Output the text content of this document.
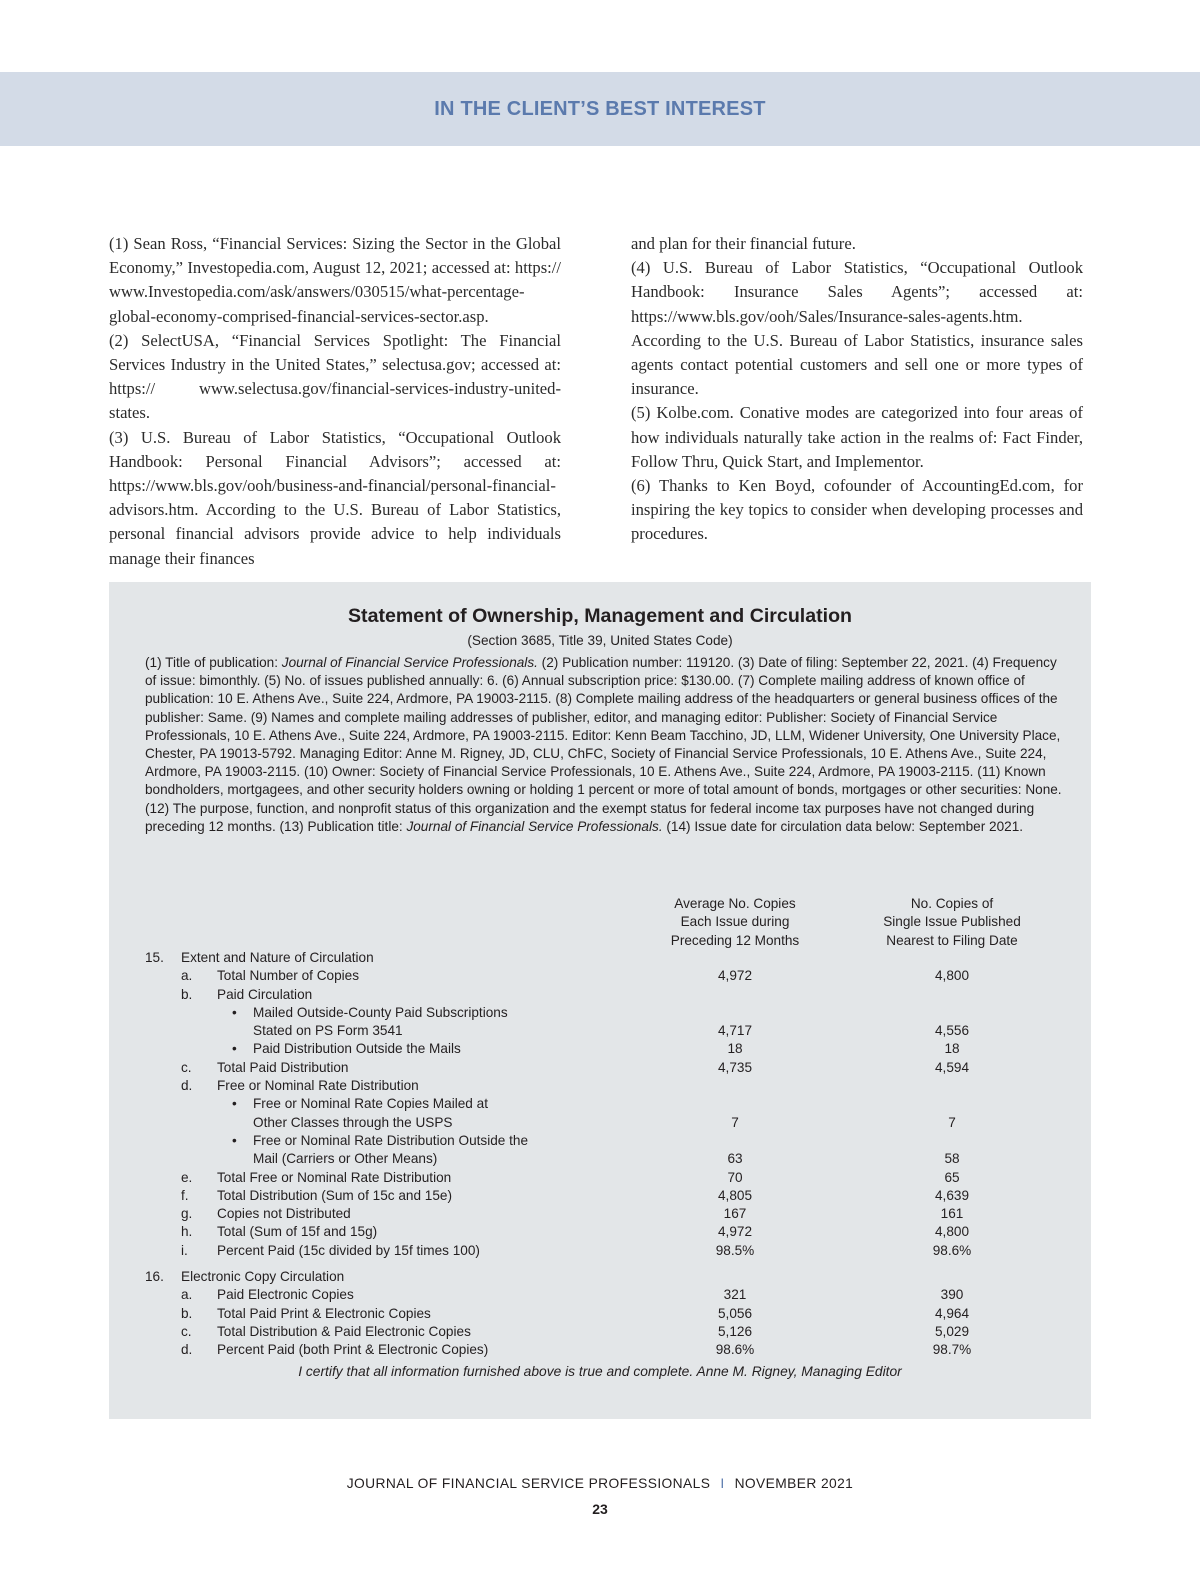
IN THE CLIENT’S BEST INTEREST

(1) Sean Ross, “Financial Services: Sizing the Sector in the Global Economy,” Investopedia.com, August 12, 2021; accessed at: https:// www.Investopedia.com/ask/answers/030515/what-percentage-global-economy-comprised-financial-services-sector.asp.

(2) SelectUSA, “Financial Services Spotlight: The Financial Services Industry in the United States,” selectusa.gov; accessed at: https:// www.selectusa.gov/financial-services-industry-united-states.

(3) U.S. Bureau of Labor Statistics, “Occupational Outlook Handbook: Personal Financial Advisors”; accessed at: https://www.bls.gov/ooh/business-and-financial/personal-financial-advisors.htm. According to the U.S. Bureau of Labor Statistics, personal financial advisors provide advice to help individuals manage their finances

and plan for their financial future.

(4) U.S. Bureau of Labor Statistics, “Occupational Outlook Handbook: Insurance Sales Agents”; accessed at: https://www.bls.gov/ooh/Sales/Insurance-sales-agents.htm. According to the U.S. Bureau of Labor Statistics, insurance sales agents contact potential customers and sell one or more types of insurance.

(5) Kolbe.com. Conative modes are categorized into four areas of how individuals naturally take action in the realms of: Fact Finder, Follow Thru, Quick Start, and Implementor.

(6) Thanks to Ken Boyd, cofounder of AccountingEd.com, for inspiring the key topics to consider when developing processes and procedures.

Statement of Ownership, Management and Circulation
(Section 3685, Title 39, United States Code)

(1) Title of publication: Journal of Financial Service Professionals. (2) Publication number: 119120. (3) Date of filing: September 22, 2021. (4) Frequency of issue: bimonthly. (5) No. of issues published annually: 6. (6) Annual subscription price: $130.00. (7) Complete mailing address of known office of publication: 10 E. Athens Ave., Suite 224, Ardmore, PA 19003-2115. (8) Complete mailing address of the headquarters or general business offices of the publisher: Same. (9) Names and complete mailing addresses of publisher, editor, and managing editor: Publisher: Society of Financial Service Professionals, 10 E. Athens Ave., Suite 224, Ardmore, PA 19003-2115. Editor: Kenn Beam Tacchino, JD, LLM, Widener University, One University Place, Chester, PA 19013-5792. Managing Editor: Anne M. Rigney, JD, CLU, ChFC, Society of Financial Service Professionals, 10 E. Athens Ave., Suite 224, Ardmore, PA 19003-2115. (10) Owner: Society of Financial Service Professionals, 10 E. Athens Ave., Suite 224, Ardmore, PA 19003-2115. (11) Known bondholders, mortgagees, and other security holders owning or holding 1 percent or more of total amount of bonds, mortgages or other securities: None. (12) The purpose, function, and nonprofit status of this organization and the exempt status for federal income tax purposes have not changed during preceding 12 months. (13) Publication title: Journal of Financial Service Professionals. (14) Issue date for circulation data below: September 2021.

Average No. Copies
Each Issue during
Preceding 12 Months
No. Copies of
Single Issue Published
Nearest to Filing Date
15. Extent and Nature of Circulation
a. Total Number of Copies	4,972	4,800
b. Paid Circulation
• Mailed Outside-County Paid Subscriptions
Stated on PS Form 3541	4,717	4,556
• Paid Distribution Outside the Mails	18	18
c. Total Paid Distribution	4,735	4,594
d. Free or Nominal Rate Distribution
• Free or Nominal Rate Copies Mailed at
Other Classes through the USPS	7	7
• Free or Nominal Rate Distribution Outside the
Mail (Carriers or Other Means)	63	58
e. Total Free or Nominal Rate Distribution	70	65
f. Total Distribution (Sum of 15c and 15e)	4,805	4,639
g. Copies not Distributed	167	161
h. Total (Sum of 15f and 15g)	4,972	4,800
i. Percent Paid (15c divided by 15f times 100)	98.5%	98.6%
16. Electronic Copy Circulation
a. Paid Electronic Copies	321	390
b. Total Paid Print & Electronic Copies	5,056	4,964
c. Total Distribution & Paid Electronic Copies	5,126	5,029
d. Percent Paid (both Print & Electronic Copies)	98.6%	98.7%
I certify that all information furnished above is true and complete. Anne M. Rigney, Managing Editor
JOURNAL OF FINANCIAL SERVICE PROFESSIONALS I NOVEMBER 2021
23
